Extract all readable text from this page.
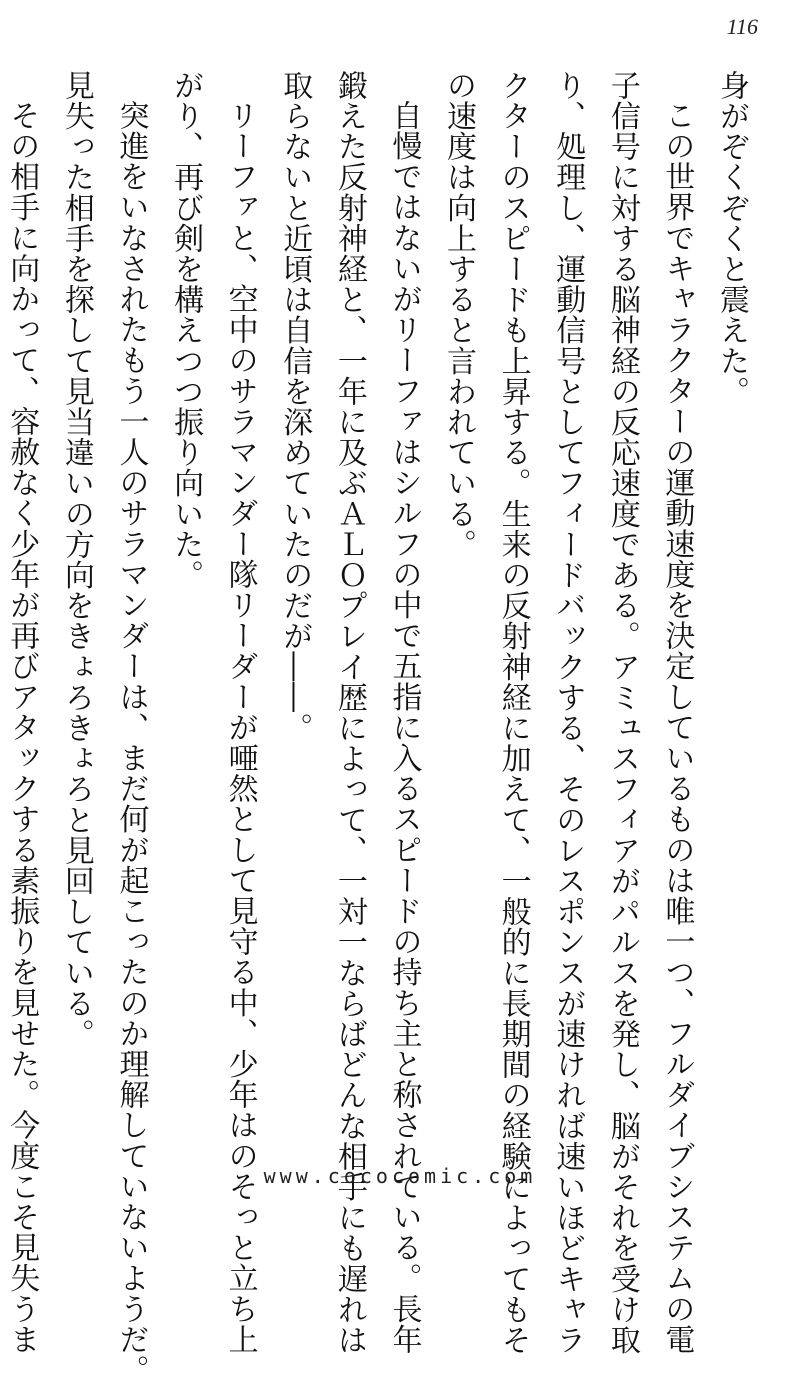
116
身がぞくぞくと震えた。
この世界でキャラクターの運動速度を決定しているものは唯一つ、フルダイブシステムの電
子信号に対する脳神経の反応速度である。アミュスフィアがパルスを発し、脳がそれを受け取
り、処理し、運動信号としてフィードバックする、そのレスポンスが速ければ速いほどキャラ
クターのスピードも上昇する。生来の反射神経に加えて、一般的に長期間の経験によってもそ
の速度は向上すると言われている。
自慢ではないがリーファはシルフの中で五指に入るスピードの持ち主と称されている。長年
鍛えた反射神経と、一年に及ぶＡＬＯプレイ歴によって、一対一ならばどんな相手にも遅れは
取らないと近頃は自信を深めていたのだが――。
リーファと、空中のサラマンダー隊リーダーが唖然として見守る中、少年はのそっと立ち上
がり、再び剣を構えつつ振り向いた。
突進をいなされたもう一人のサラマンダーは、まだ何が起こったのか理解していないようだ。
見失った相手を探して見当違いの方向をきょろきょろと見回している。
その相手に向かって、容赦なく少年が再びアタックする素振りを見せた。今度こそ見失うま	www.cococomic.com
